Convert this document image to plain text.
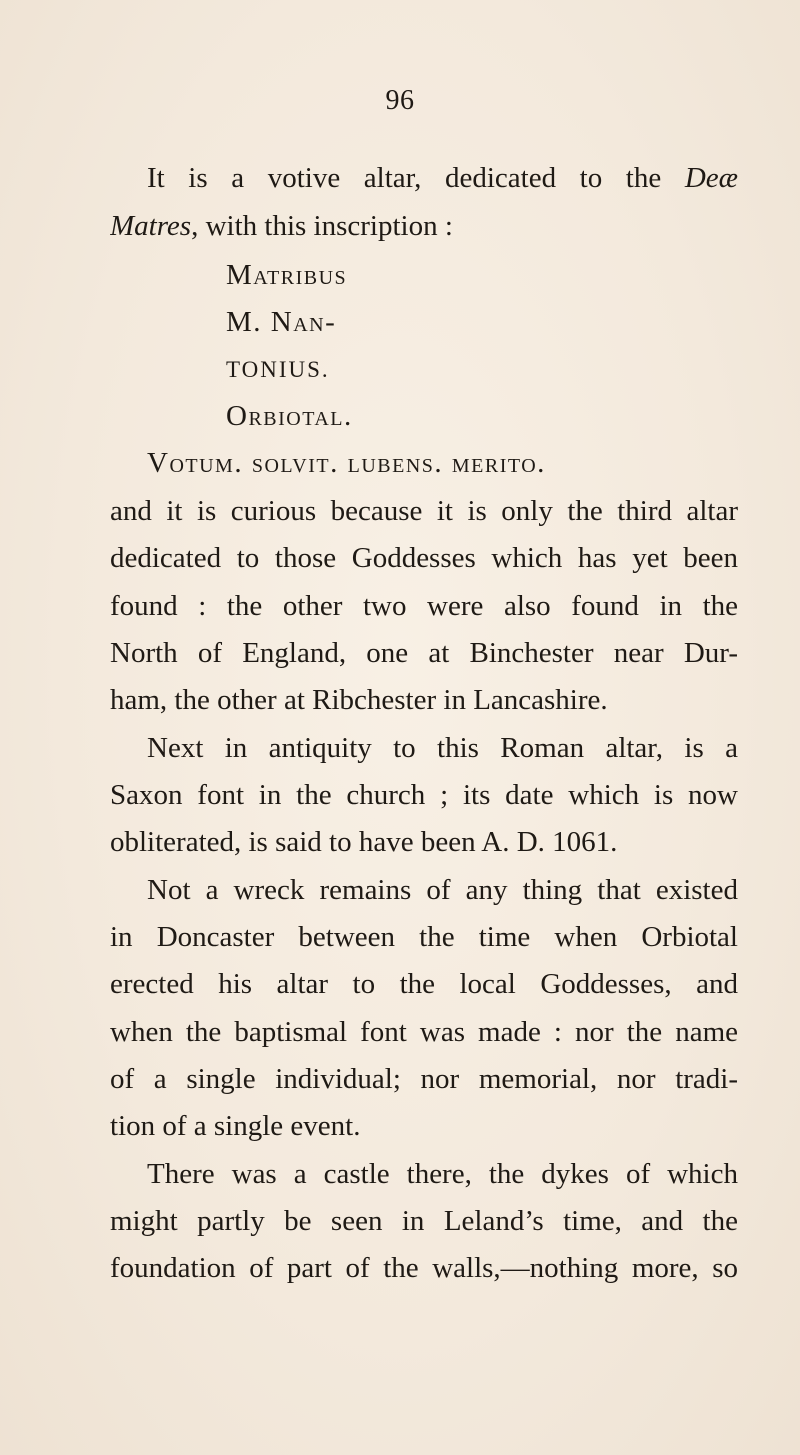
96
It is a votive altar, dedicated to the Deæ
Matres, with this inscription :
Matribus
M. Nan-
TONIUS.
Orbiotal.
Votum. solvit. lubens. merito.
and it is curious because it is only the third altar
dedicated to those Goddesses which has yet been
found : the other two were also found in the
North of England, one at Binchester near Dur-
ham, the other at Ribchester in Lancashire.
Next in antiquity to this Roman altar, is a
Saxon font in the church ; its date which is now
obliterated, is said to have been A. D. 1061.
Not a wreck remains of any thing that existed
in Doncaster between the time when Orbiotal
erected his altar to the local Goddesses, and
when the baptismal font was made : nor the name
of a single individual; nor memorial, nor tradi-
tion of a single event.
There was a castle there, the dykes of which
might partly be seen in Leland’s time, and the
foundation of part of the walls,—nothing more, so
